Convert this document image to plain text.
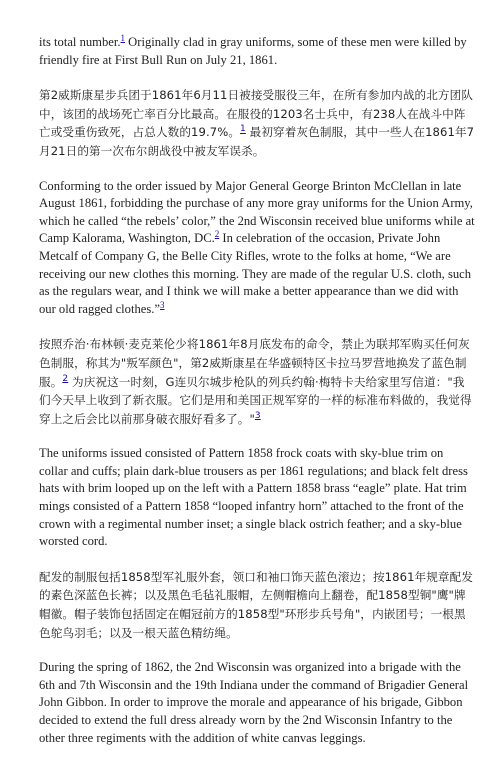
its total number.$^1$ Originally clad in gray uniforms, some of these men were killed by friendly fire at First Bull Run on July 21, 1861.

第2威斯康星步兵团于1861年6月11日被接受服役三年，在所有参加内战的北方团队中，该团的战场死亡率百分比最高。在服役的1203名士兵中，有238人在战斗中阵亡或受重伤致死，占总人数的19.7%。$^1$ 最初穿着灰色制服，其中一些人在1861年7月21日的第一次布尔朗战役中被友军误杀。

Conforming to the order issued by Major General George Brinton McClellan in late August 1861, forbidding the purchase of any more gray uniforms for the Union Army, which he called “the rebels’ color,” the 2nd Wisconsin received blue uniforms while at Camp Kalorama, Washington, DC.$^2$ In celebration of the occasion, Private John Metcalf of Company G, the Belle City Rifles, wrote to the folks at home, “We are receiving our new clothes this morning. They are made of the regular U.S. cloth, such as the regulars wear, and I think we will make a better appearance than we did with our old ragged clothes.”$^3$

按照乔治·布林顿·麦克莱伦少将1861年8月底发布的命令，禁止为联邦军购买任何灰色制服，称其为"叛军颜色"，第2威斯康星在华盛顿特区卡拉马罗营地换发了蓝色制服。$^2$ 为庆祝这一时刻，G连贝尔城步枪队的列兵约翰·梅特卡夫给家里写信道："我们今天早上收到了新衣服。它们是用和美国正规军穿的一样的标准布料做的，我觉得穿上之后会比以前那身破衣服好看多了。"$^3$

The uniforms issued consisted of Pattern 1858 frock coats with sky-blue trim on collar and cuffs; plain dark-blue trousers as per 1861 regulations; and black felt dress hats with brim looped up on the left with a Pattern 1858 brass “eagle” plate. Hat trim mings consisted of a Pattern 1858 “looped infantry horn” attached to the front of the crown with a regimental number inset; a single black ostrich feather; and a sky-blue worsted cord.

配发的制服包括1858型军礼服外套，领口和袖口饰天蓝色滚边；按1861年规章配发的素色深蓝色长裤；以及黑色毛毡礼服帽，左侧帽檐向上翻卷，配1858型铜"鹰"牌帽徽。帽子装饰包括固定在帽冠前方的1858型"环形步兵号角"，内嵌团号；一根黑色鸵鸟羽毛；以及一根天蓝色精纺绳。

During the spring of 1862, the 2nd Wisconsin was organized into a brigade with the 6th and 7th Wisconsin and the 19th Indiana under the command of Brigadier General John Gibbon. In order to improve the morale and appearance of his brigade, Gibbon decided to extend the full dress already worn by the 2nd Wisconsin Infantry to the other three regiments with the addition of white canvas leggings.
